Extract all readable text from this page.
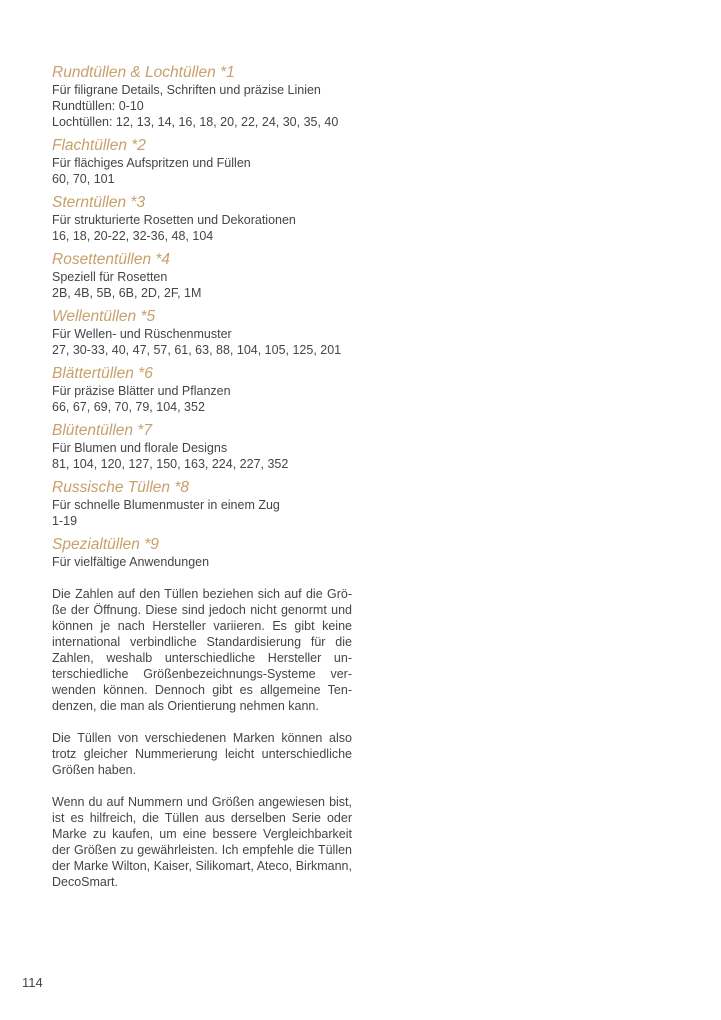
Rundtüllen & Lochtüllen *1
Für filigrane Details, Schriften und präzise Linien
Rundtüllen: 0-10
Lochtüllen: 12, 13, 14, 16, 18, 20, 22, 24, 30, 35, 40
Flachtüllen *2
Für flächiges Aufspritzen und Füllen
60, 70, 101
Sterntüllen *3
Für strukturierte Rosetten und Dekorationen
16, 18, 20-22, 32-36, 48, 104
Rosettentüllen *4
Speziell für Rosetten
2B, 4B, 5B, 6B, 2D, 2F, 1M
Wellentüllen *5
Für Wellen- und Rüschenmuster
27, 30-33, 40, 47, 57, 61, 63, 88, 104, 105, 125, 201
Blättertüllen *6
Für präzise Blätter und Pflanzen
66, 67, 69, 70, 79, 104, 352
Blütentüllen *7
Für Blumen und florale Designs
81, 104, 120, 127, 150, 163, 224, 227, 352
Russische Tüllen *8
Für schnelle Blumenmuster in einem Zug
1-19
Spezialtüllen *9
Für vielfältige Anwendungen

Die Zahlen auf den Tüllen beziehen sich auf die Größe der Öffnung. Diese sind jedoch nicht genormt und können je nach Hersteller variieren. Es gibt keine international verbindliche Standardisierung für die Zahlen, weshalb unterschiedliche Hersteller unterschiedliche Größenbezeichnungs-Systeme verwenden können. Dennoch gibt es allgemeine Tendenzen, die man als Orientierung nehmen kann.

Die Tüllen von verschiedenen Marken können also trotz gleicher Nummerierung leicht unterschiedliche Größen haben.

Wenn du auf Nummern und Größen angewiesen bist, ist es hilfreich, die Tüllen aus derselben Serie oder Marke zu kaufen, um eine bessere Vergleichbarkeit der Größen zu gewährleisten. Ich empfehle die Tüllen der Marke Wilton, Kaiser, Silikomart, Ateco, Birkmann, DecoSmart.

114
